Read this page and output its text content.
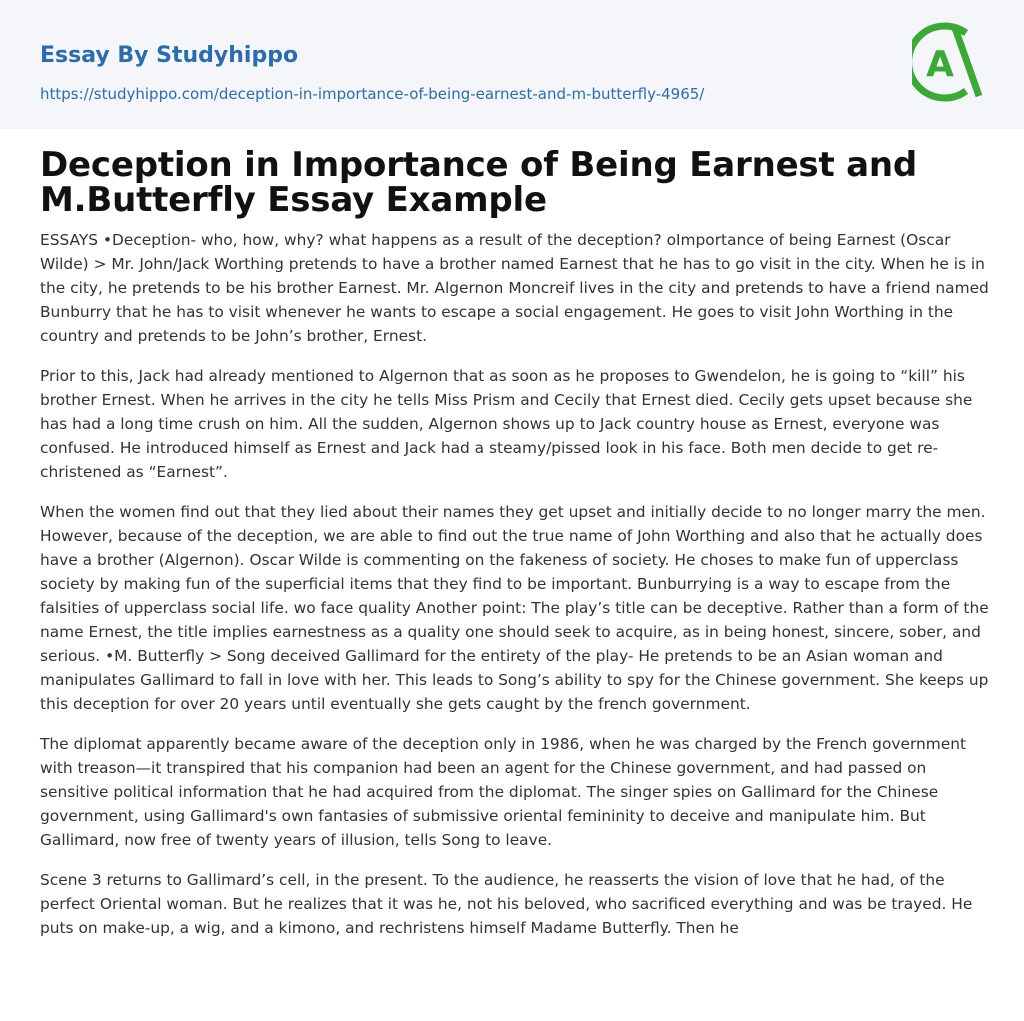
Essay By Studyhippo
https://studyhippo.com/deception-in-importance-of-being-earnest-and-m-butterfly-4965/
A
Deception in Importance of Being Earnest and M.Butterfly Essay Example

ESSAYS •Deception- who, how, why? what happens as a result of the deception? oImportance of being Earnest (Oscar Wilde) > Mr. John/Jack Worthing pretends to have a brother named Earnest that he has to go visit in the city. When he is in the city, he pretends to be his brother Earnest. Mr. Algernon Moncreif lives in the city and pretends to have a friend named Bunburry that he has to visit whenever he wants to escape a social engagement. He goes to visit John Worthing in the country and pretends to be John’s brother, Ernest.

Prior to this, Jack had already mentioned to Algernon that as soon as he proposes to Gwendelon, he is going to “kill” his brother Ernest. When he arrives in the city he tells Miss Prism and Cecily that Ernest died. Cecily gets upset because she has had a long time crush on him. All the sudden, Algernon shows up to Jack country house as Ernest, everyone was confused. He introduced himself as Ernest and Jack had a steamy/pissed look in his face. Both men decide to get re-christened as “Earnest”.

When the women find out that they lied about their names they get upset and initially decide to no longer marry the men. However, because of the deception, we are able to find out the true name of John Worthing and also that he actually does have a brother (Algernon). Oscar Wilde is commenting on the fakeness of society. He choses to make fun of upperclass society by making fun of the superficial items that they find to be important. Bunburrying is a way to escape from the falsities of upperclass social life. wo face quality Another point: The play’s title can be deceptive. Rather than a form of the name Ernest, the title implies earnestness as a quality one should seek to acquire, as in being honest, sincere, sober, and serious. •M. Butterfly > Song deceived Gallimard for the entirety of the play- He pretends to be an Asian woman and manipulates Gallimard to fall in love with her. This leads to Song’s ability to spy for the Chinese government. She keeps up this deception for over 20 years until eventually she gets caught by the french government.

The diplomat apparently became aware of the deception only in 1986, when he was charged by the French government with treason—it transpired that his companion had been an agent for the Chinese government, and had passed on sensitive political information that he had acquired from the diplomat. The singer spies on Gallimard for the Chinese government, using Gallimard's own fantasies of submissive oriental femininity to deceive and manipulate him. But Gallimard, now free of twenty years of illusion, tells Song to leave.

Scene 3 returns to Gallimard’s cell, in the present. To the audience, he reasserts the vision of love that he had, of the perfect Oriental woman. But he realizes that it was he, not his beloved, who sacrificed everything and was be trayed. He puts on make-up, a wig, and a kimono, and rechristens himself Madame Butterfly. Then he
